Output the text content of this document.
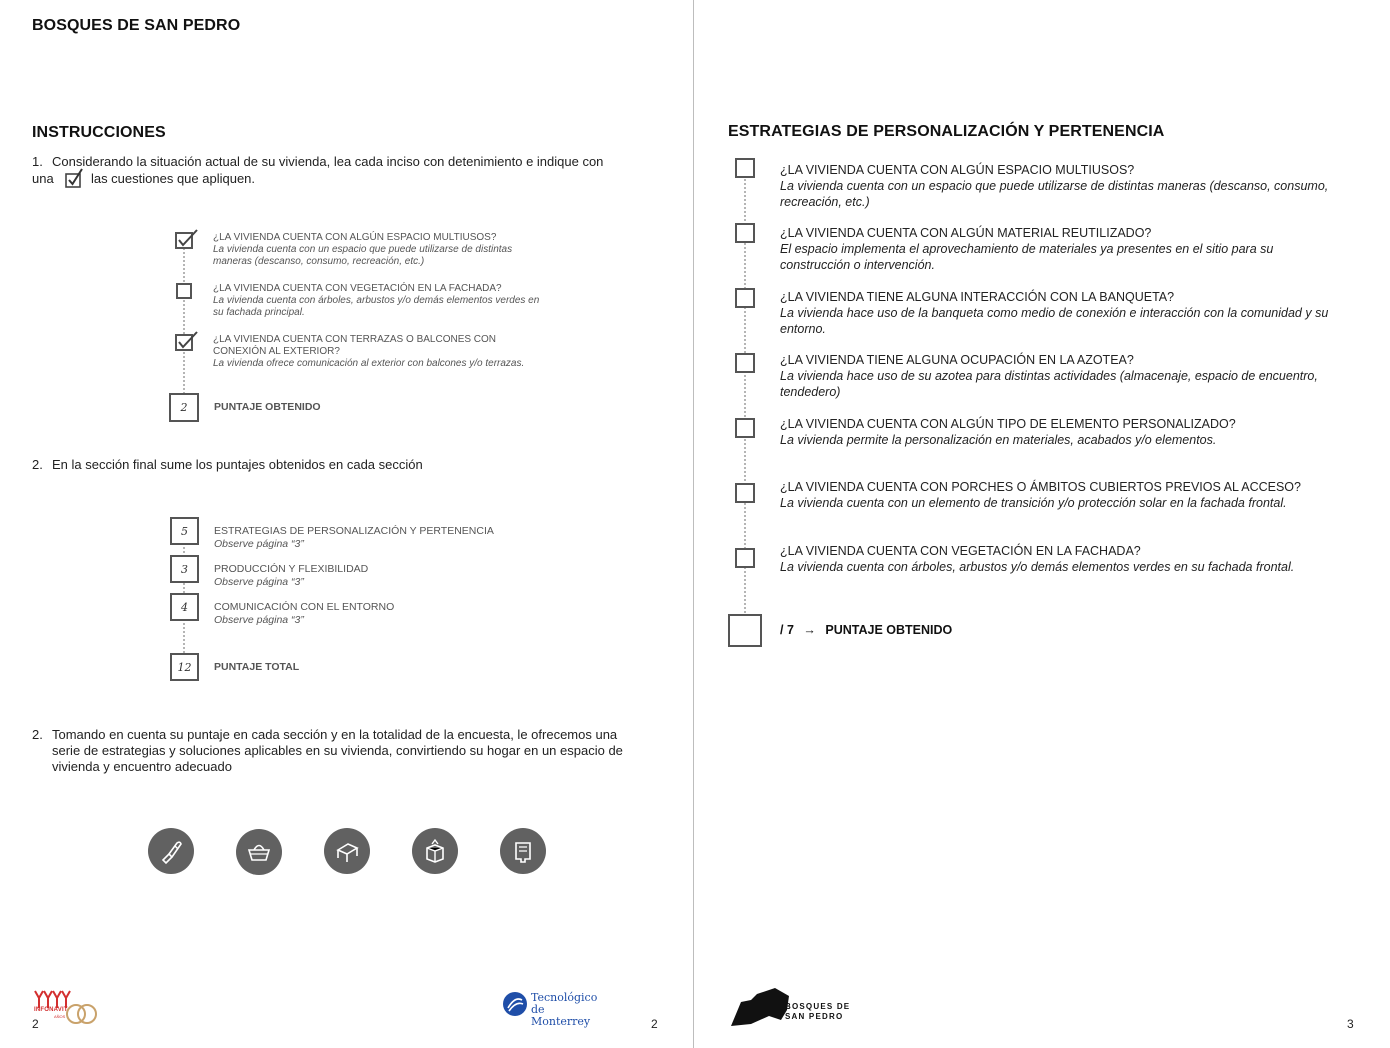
BOSQUES DE SAN PEDRO
INSTRUCCIONES
1. Considerando la situación actual de su vivienda, lea cada inciso con detenimiento e indique con
una	las cuestiones que apliquen.
¿LA VIVIENDA CUENTA CON ALGÚN ESPACIO MULTIUSOS?
La vivienda cuenta con un espacio que puede utilizarse de distintas maneras (descanso, consumo, recreación, etc.)
¿LA VIVIENDA CUENTA CON VEGETACIÓN EN LA FACHADA?
La vivienda cuenta con árboles, arbustos y/o demás elementos verdes en su fachada principal.
¿LA VIVIENDA CUENTA CON TERRAZAS O BALCONES CON CONEXIÓN AL EXTERIOR?
La vivienda ofrece comunicación al exterior con balcones y/o terrazas.
2	PUNTAJE OBTENIDO
2. En la sección final sume los puntajes obtenidos en cada sección
5	ESTRATEGIAS DE PERSONALIZACIÓN Y PERTENENCIA
Observe página “3”
3	PRODUCCIÓN Y FLEXIBILIDAD
Observe página “3”
4	COMUNICACIÓN CON EL ENTORNO
Observe página “3”
12	PUNTAJE TOTAL
2. Tomando en cuenta su puntaje en cada sección y en la totalidad de la encuesta, le ofrecemos una serie de estrategias y soluciones aplicables en su vivienda, convirtiendo su hogar en un espacio de vivienda y encuentro adecuado
INFONAVIT
AÑOS
2
Tecnológico
de Monterrey	2
ESTRATEGIAS DE PERSONALIZACIÓN Y PERTENENCIA
¿LA VIVIENDA CUENTA CON ALGÚN ESPACIO MULTIUSOS?
La vivienda cuenta con un espacio que puede utilizarse de distintas maneras (descanso, consumo, recreación, etc.)
¿LA VIVIENDA CUENTA CON ALGÚN MATERIAL REUTILIZADO?
El espacio implementa el aprovechamiento de materiales ya presentes en el sitio para su construcción o intervención.
¿LA VIVIENDA TIENE ALGUNA INTERACCIÓN CON LA BANQUETA?
La vivienda hace uso de la banqueta como medio de conexión e interacción con la comunidad y su entorno.
¿LA VIVIENDA TIENE ALGUNA OCUPACIÓN EN LA AZOTEA?
La vivienda hace uso de su azotea para distintas actividades (almacenaje, espacio de encuentro, tendedero)
¿LA VIVIENDA CUENTA CON ALGÚN TIPO DE ELEMENTO PERSONALIZADO?
La vivienda permite la personalización en materiales, acabados y/o elementos.
¿LA VIVIENDA CUENTA CON PORCHES O ÁMBITOS CUBIERTOS PREVIOS AL ACCESO?
La vivienda cuenta con un elemento de transición y/o protección solar en la fachada frontal.
¿LA VIVIENDA CUENTA CON VEGETACIÓN EN LA FACHADA?
La vivienda cuenta con árboles, arbustos y/o demás elementos verdes en su fachada frontal.
/ 7 → PUNTAJE OBTENIDO
BOSQUES DE
SAN PEDRO
3
